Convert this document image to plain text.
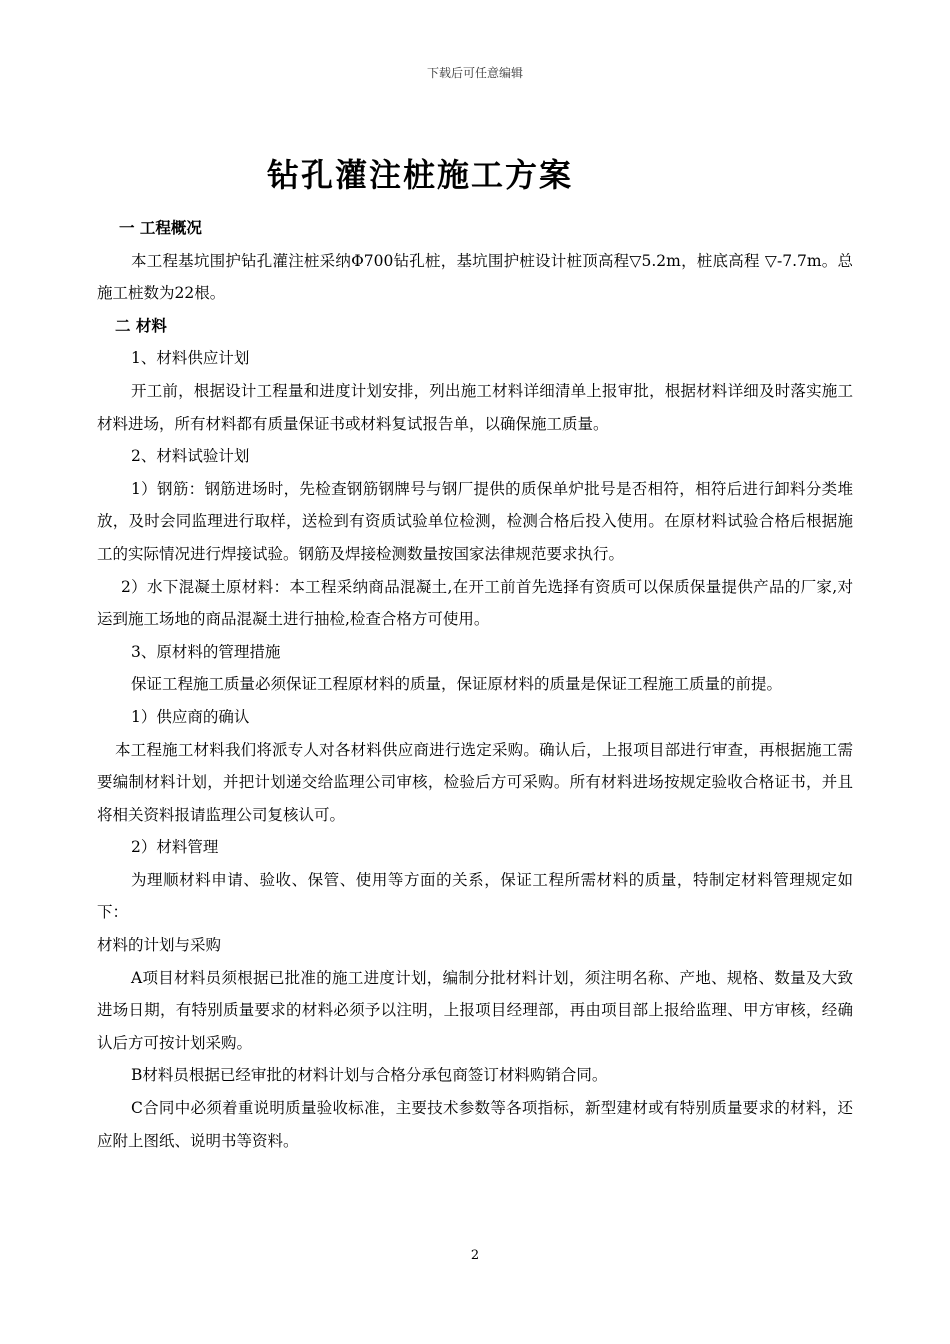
下载后可任意编辑
钻孔灌注桩施工方案

一 工程概况

本工程基坑围护钻孔灌注桩采纳Φ700钻孔桩，基坑围护桩设计桩顶高程▽5.2m，桩底高程 ▽-7.7m。总施工桩数为22根。

二 材料

1、材料供应计划

开工前，根据设计工程量和进度计划安排，列出施工材料详细清单上报审批，根据材料详细及时落实施工材料进场，所有材料都有质量保证书或材料复试报告单，以确保施工质量。

2、材料试验计划

1）钢筋：钢筋进场时，先检查钢筋钢牌号与钢厂提供的质保单炉批号是否相符，相符后进行卸料分类堆放，及时会同监理进行取样，送检到有资质试验单位检测，检测合格后投入使用。在原材料试验合格后根据施工的实际情况进行焊接试验。钢筋及焊接检测数量按国家法律规范要求执行。

2）水下混凝土原材料：本工程采纳商品混凝土,在开工前首先选择有资质可以保质保量提供产品的厂家,对运到施工场地的商品混凝土进行抽检,检查合格方可使用。

3、原材料的管理措施

保证工程施工质量必须保证工程原材料的质量，保证原材料的质量是保证工程施工质量的前提。

1）供应商的确认

本工程施工材料我们将派专人对各材料供应商进行选定采购。确认后，上报项目部进行审查，再根据施工需要编制材料计划，并把计划递交给监理公司审核，检验后方可采购。所有材料进场按规定验收合格证书，并且将相关资料报请监理公司复核认可。

2）材料管理

为理顺材料申请、验收、保管、使用等方面的关系，保证工程所需材料的质量，特制定材料管理规定如下：

材料的计划与采购

A项目材料员须根据已批准的施工进度计划，编制分批材料计划，须注明名称、产地、规格、数量及大致进场日期，有特别质量要求的材料必须予以注明，上报项目经理部，再由项目部上报给监理、甲方审核，经确认后方可按计划采购。

B材料员根据已经审批的材料计划与合格分承包商签订材料购销合同。

C合同中必须着重说明质量验收标准，主要技术参数等各项指标，新型建材或有特别质量要求的材料，还应附上图纸、说明书等资料。

2
